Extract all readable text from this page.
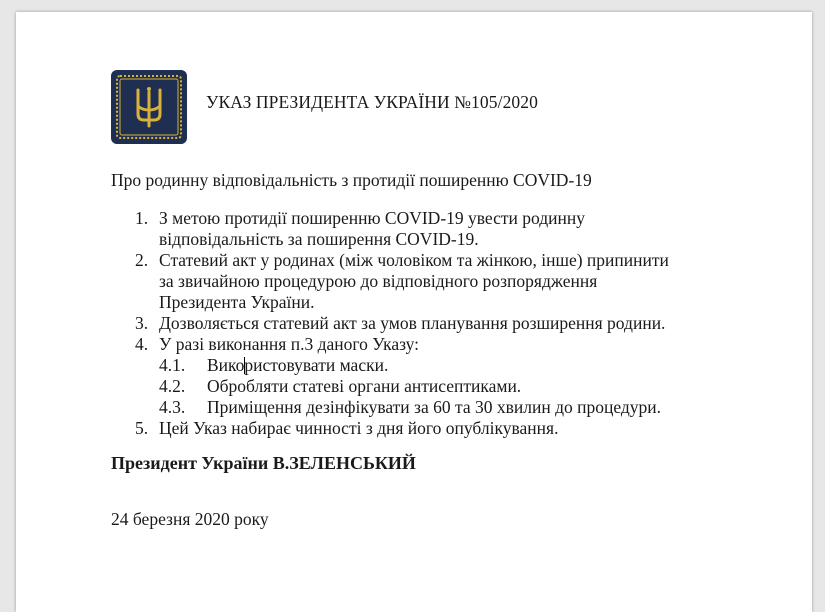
УКАЗ ПРЕЗИДЕНТА УКРАЇНИ №105/2020
Про родинну відповідальність з протидії поширенню COVID-19
1. З метою протидії поширенню COVID-19 увести родинну
відповідальність за поширення COVID-19.
2. Статевий акт у родинах (між чоловіком та жінкою, інше) припинити
за звичайною процедурою до відповідного розпорядження
Президента України.
3. Дозволяється статевий акт за умов планування розширення родини.
4. У разі виконання п.3 даного Указу:
4.1. Використовувати маски.
4.2. Обробляти статеві органи антисептиками.
4.3. Приміщення дезінфікувати за 60 та 30 хвилин до процедури.
5. Цей Указ набирає чинності з дня його опублікування.
Президент України В.ЗЕЛЕНСЬКИЙ
24 березня 2020 року
